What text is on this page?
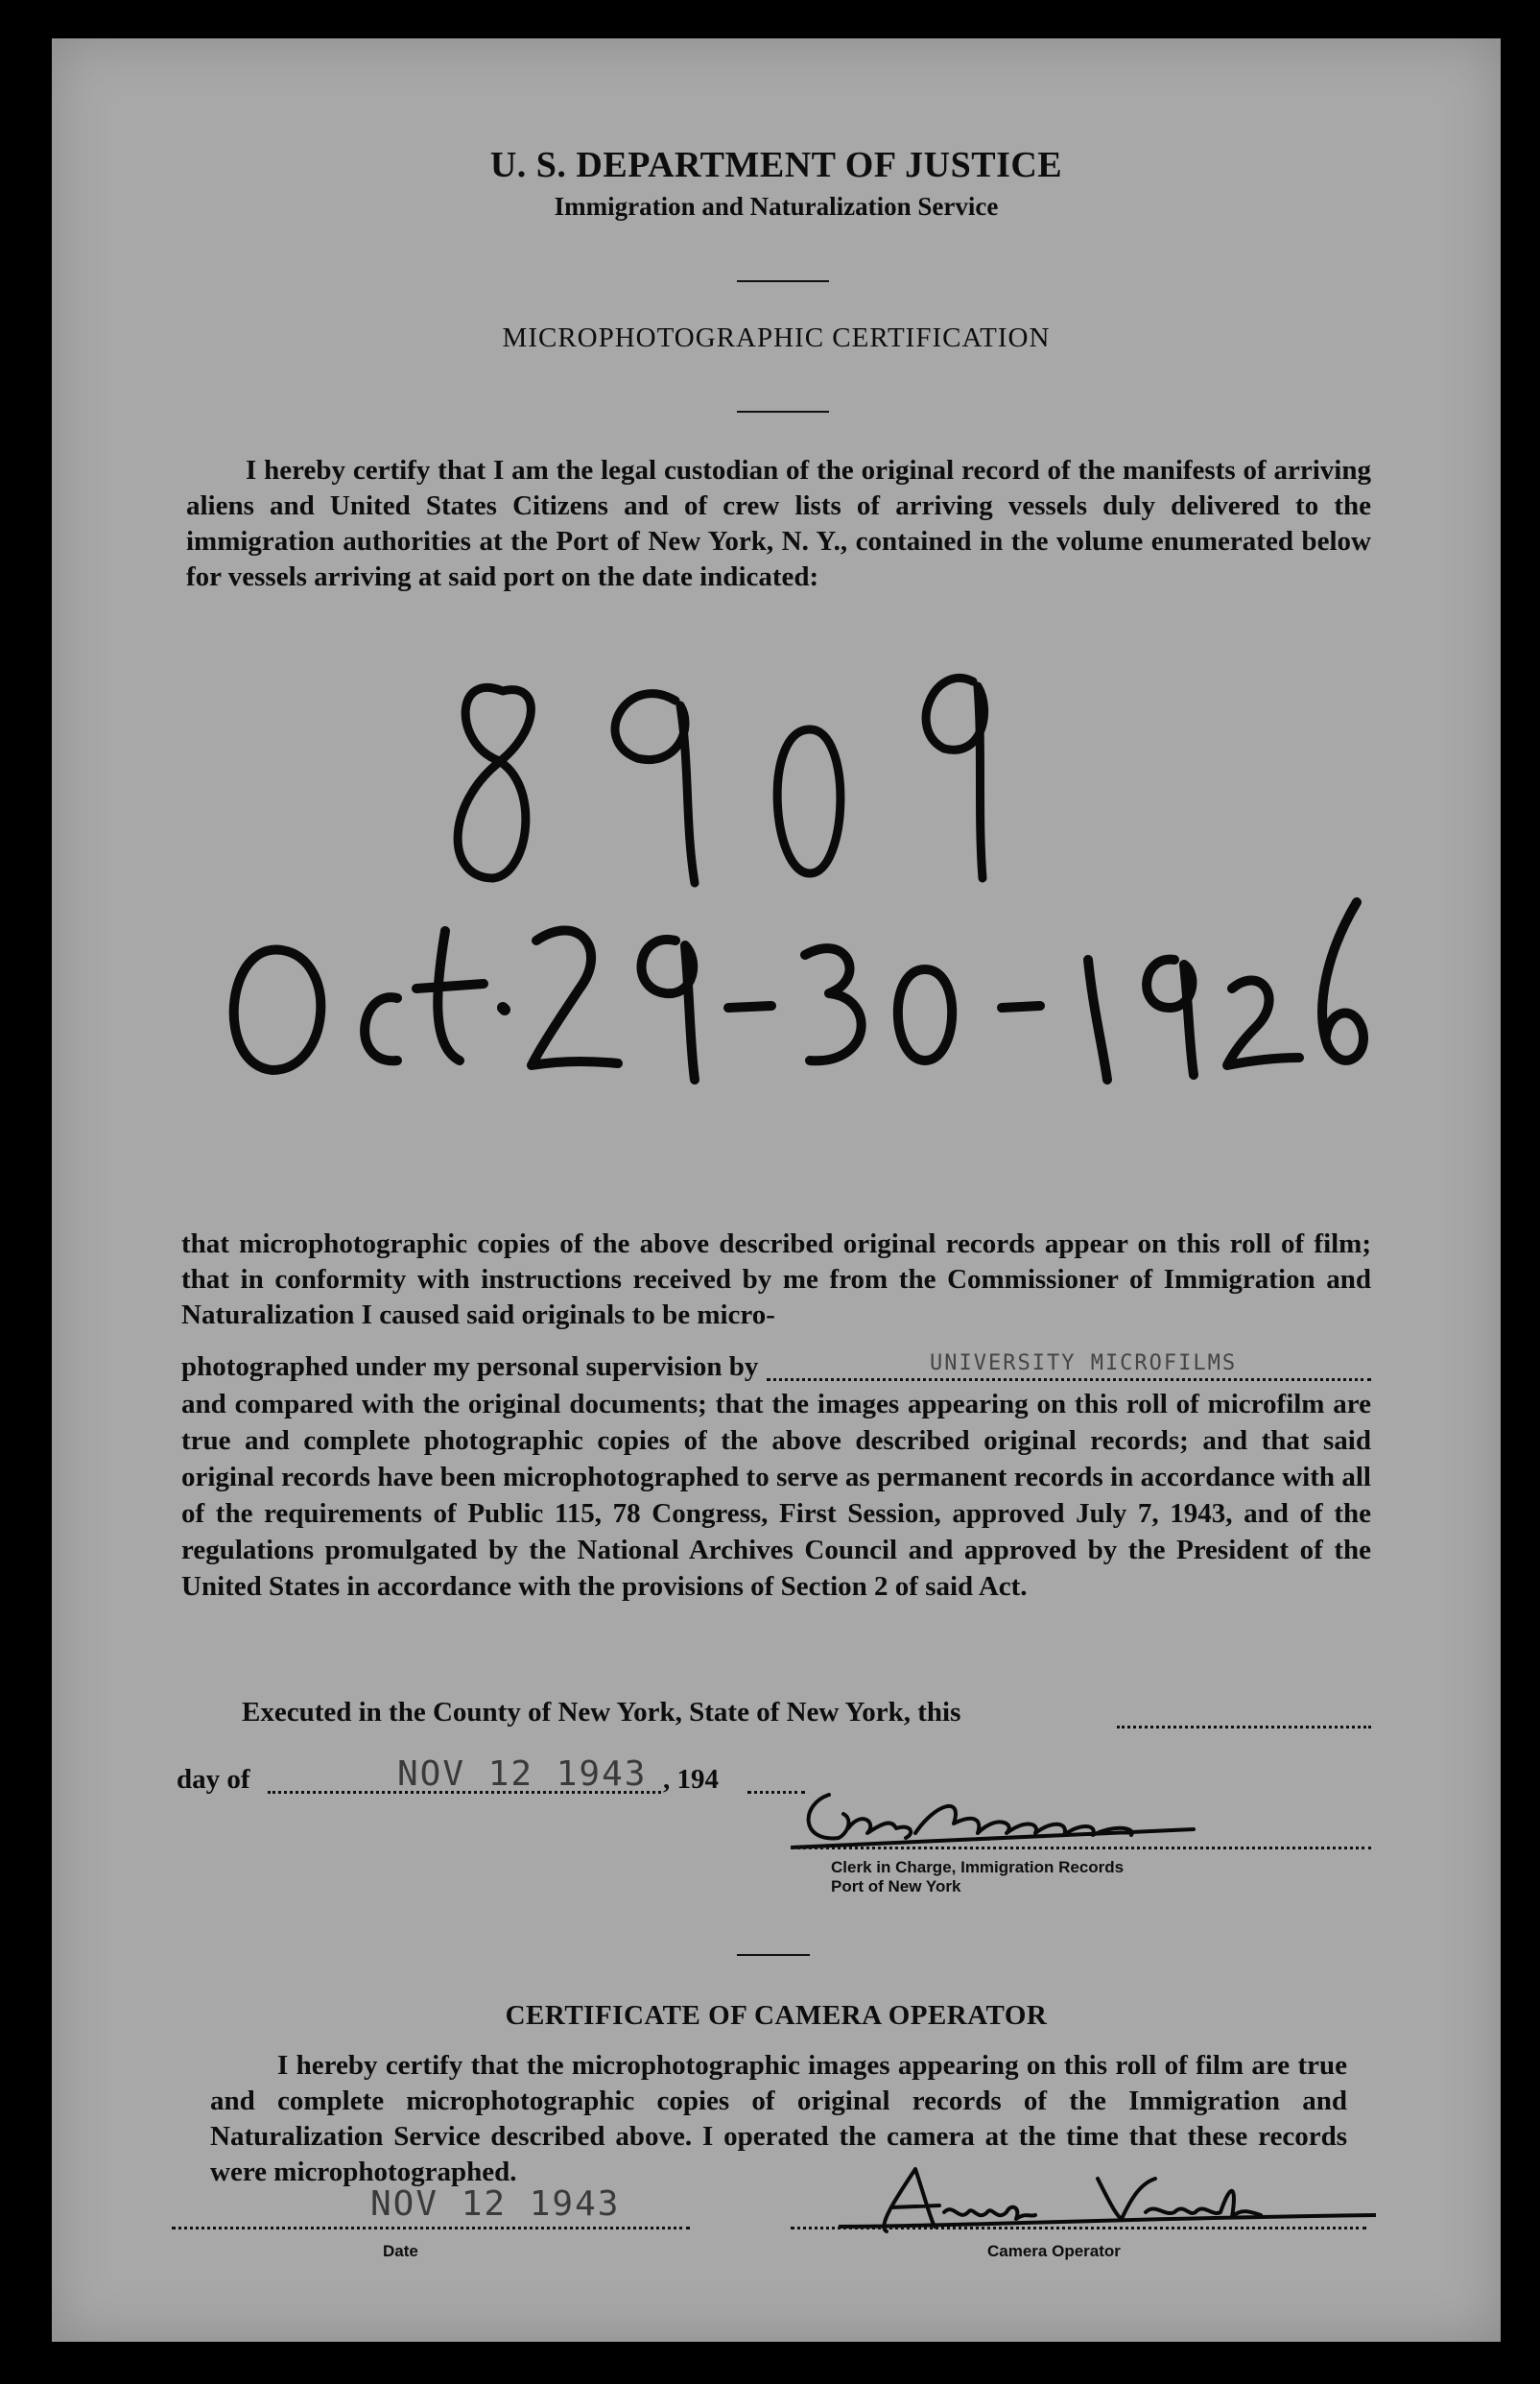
U. S. DEPARTMENT OF JUSTICE
Immigration and Naturalization Service
MICROPHOTOGRAPHIC CERTIFICATION
I hereby certify that I am the legal custodian of the original record of the manifests of arriving aliens and United States Citizens and of crew lists of arriving vessels duly delivered to the immigration authorities at the Port of New York, N. Y., contained in the volume enumerated below for vessels arriving at said port on the date indicated:
that microphotographic copies of the above described original records appear on this roll of film; that in conformity with instructions received by me from the Commissioner of Immigration and Naturalization I caused said originals to be micro-
photographed under my personal supervision by	UNIVERSITY MICROFILMS
and compared with the original documents; that the images appearing on this roll of microfilm are true and complete photographic copies of the above described original records; and that said original records have been microphotographed to serve as permanent records in accordance with all of the requirements of Public 115, 78 Congress, First Session, approved July 7, 1943, and of the regulations promulgated by the National Archives Council and approved by the President of the United States in accordance with the provisions of Section 2 of said Act.
Executed in the County of New York, State of New York, this
day of	NOV 12 1943 , 194
Clerk in Charge, Immigration Records
Port of New York
CERTIFICATE OF CAMERA OPERATOR
I hereby certify that the microphotographic images appearing on this roll of film are true and complete microphotographic copies of original records of the Immigration and Naturalization Service described above. I operated the camera at the time that these records were microphotographed.
NOV 12 1943
Date	Camera Operator
